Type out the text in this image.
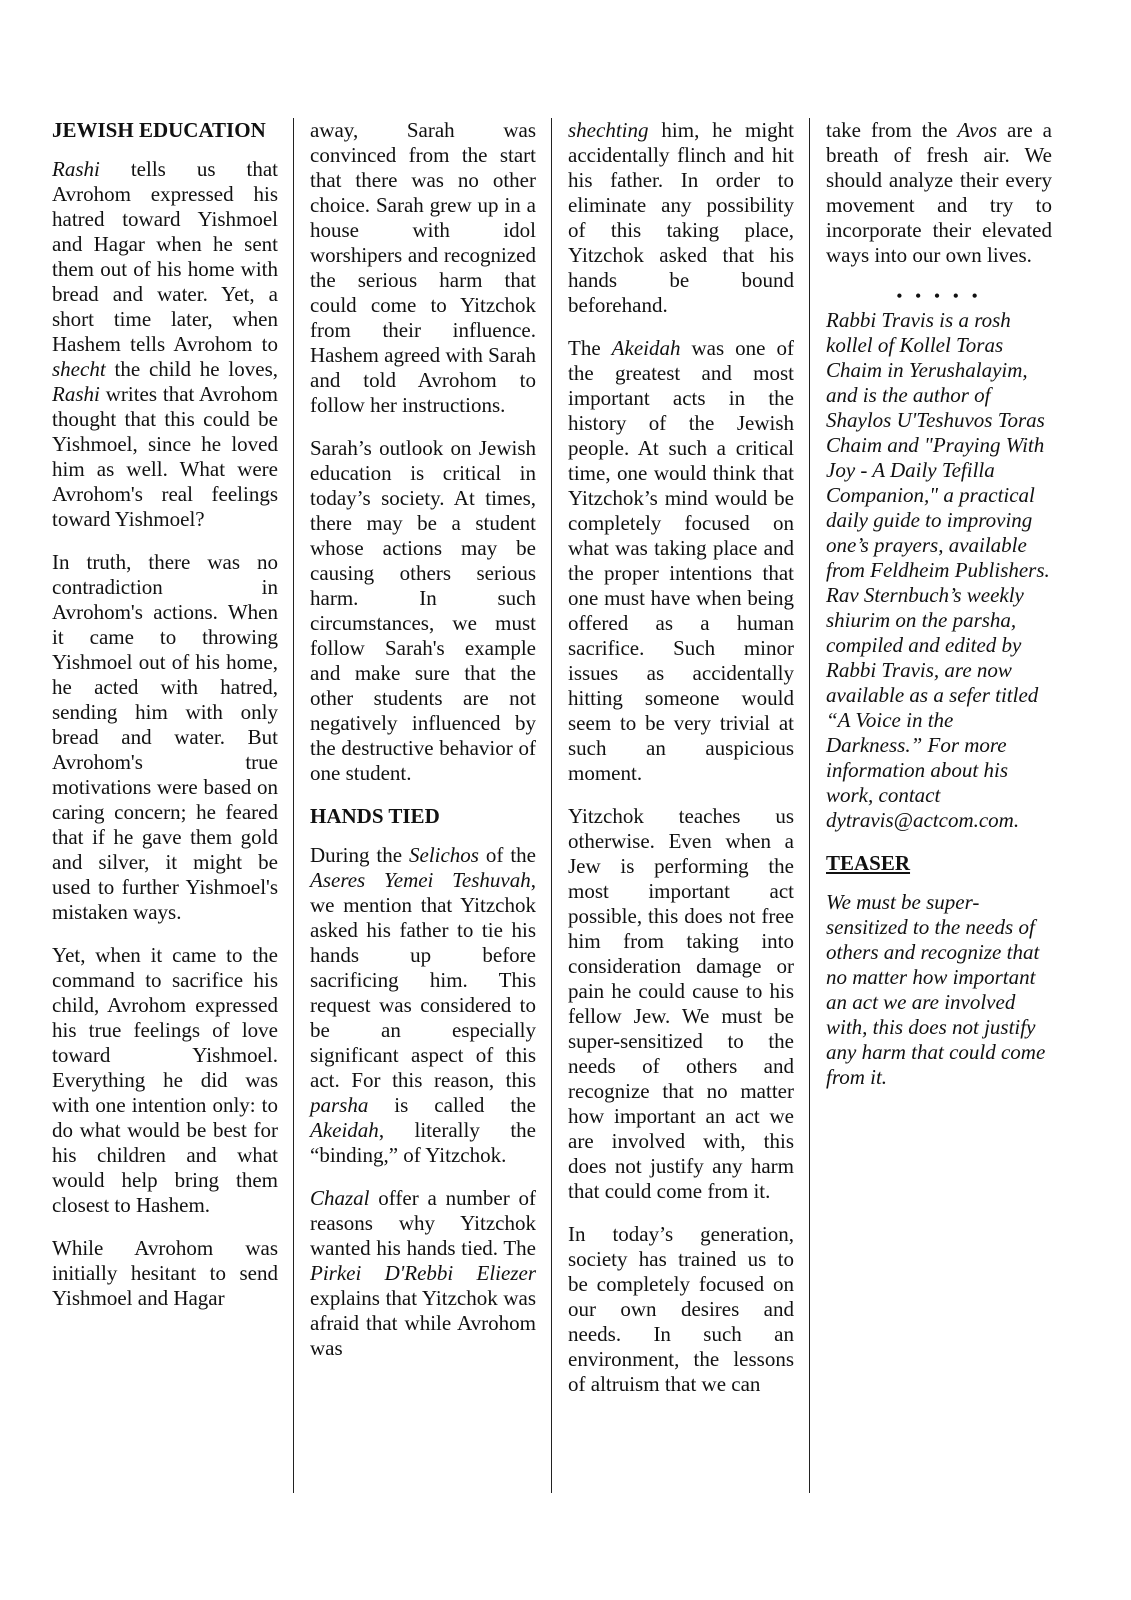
JEWISH EDUCATION

Rashi tells us that Avrohom expressed his hatred toward Yishmoel and Hagar when he sent them out of his home with bread and water. Yet, a short time later, when Hashem tells Avrohom to shecht the child he loves, Rashi writes that Avrohom thought that this could be Yishmoel, since he loved him as well. What were Avrohom's real feelings toward Yishmoel?

In truth, there was no contradiction in Avrohom's actions. When it came to throwing Yishmoel out of his home, he acted with hatred, sending him with only bread and water. But Avrohom's true motivations were based on caring concern; he feared that if he gave them gold and silver, it might be used to further Yishmoel's mistaken ways.

Yet, when it came to the command to sacrifice his child, Avrohom expressed his true feelings of love toward Yishmoel. Everything he did was with one intention only: to do what would be best for his children and what would help bring them closest to Hashem.

While Avrohom was initially hesitant to send Yishmoel and Hagar

away, Sarah was convinced from the start that there was no other choice. Sarah grew up in a house with idol worshipers and recognized the serious harm that could come to Yitzchok from their influence. Hashem agreed with Sarah and told Avrohom to follow her instructions.

Sarah’s outlook on Jewish education is critical in today’s society. At times, there may be a student whose actions may be causing others serious harm. In such circumstances, we must follow Sarah's example and make sure that the other students are not negatively influenced by the destructive behavior of one student.

HANDS TIED

During the Selichos of the Aseres Yemei Teshuvah, we mention that Yitzchok asked his father to tie his hands up before sacrificing him. This request was considered to be an especially significant aspect of this act. For this reason, this parsha is called the Akeidah, literally the “binding,” of Yitzchok.

Chazal offer a number of reasons why Yitzchok wanted his hands tied. The Pirkei D'Rebbi Eliezer explains that Yitzchok was afraid that while Avrohom was

shechting him, he might accidentally flinch and hit his father. In order to eliminate any possibility of this taking place, Yitzchok asked that his hands be bound beforehand.

The Akeidah was one of the greatest and most important acts in the history of the Jewish people. At such a critical time, one would think that Yitzchok’s mind would be completely focused on what was taking place and the proper intentions that one must have when being offered as a human sacrifice. Such minor issues as accidentally hitting someone would seem to be very trivial at such an auspicious moment.

Yitzchok teaches us otherwise. Even when a Jew is performing the most important act possible, this does not free him from taking into consideration damage or pain he could cause to his fellow Jew. We must be super-sensitized to the needs of others and recognize that no matter how important an act we are involved with, this does not justify any harm that could come from it.

In today’s generation, society has trained us to be completely focused on our own desires and needs. In such an environment, the lessons of altruism that we can

take from the Avos are a breath of fresh air. We should analyze their every movement and try to incorporate their elevated ways into our own lives.

• • • • •

Rabbi Travis is a rosh kollel of Kollel Toras Chaim in Yerushalayim, and is the author of Shaylos U'Teshuvos Toras Chaim and "Praying With Joy - A Daily Tefilla Companion," a practical daily guide to improving one’s prayers, available from Feldheim Publishers. Rav Sternbuch’s weekly shiurim on the parsha, compiled and edited by Rabbi Travis, are now available as a sefer titled “A Voice in the Darkness.” For more information about his work, contact dytravis@actcom.com.

TEASER

We must be super-sensitized to the needs of others and recognize that no matter how important an act we are involved with, this does not justify any harm that could come from it.
